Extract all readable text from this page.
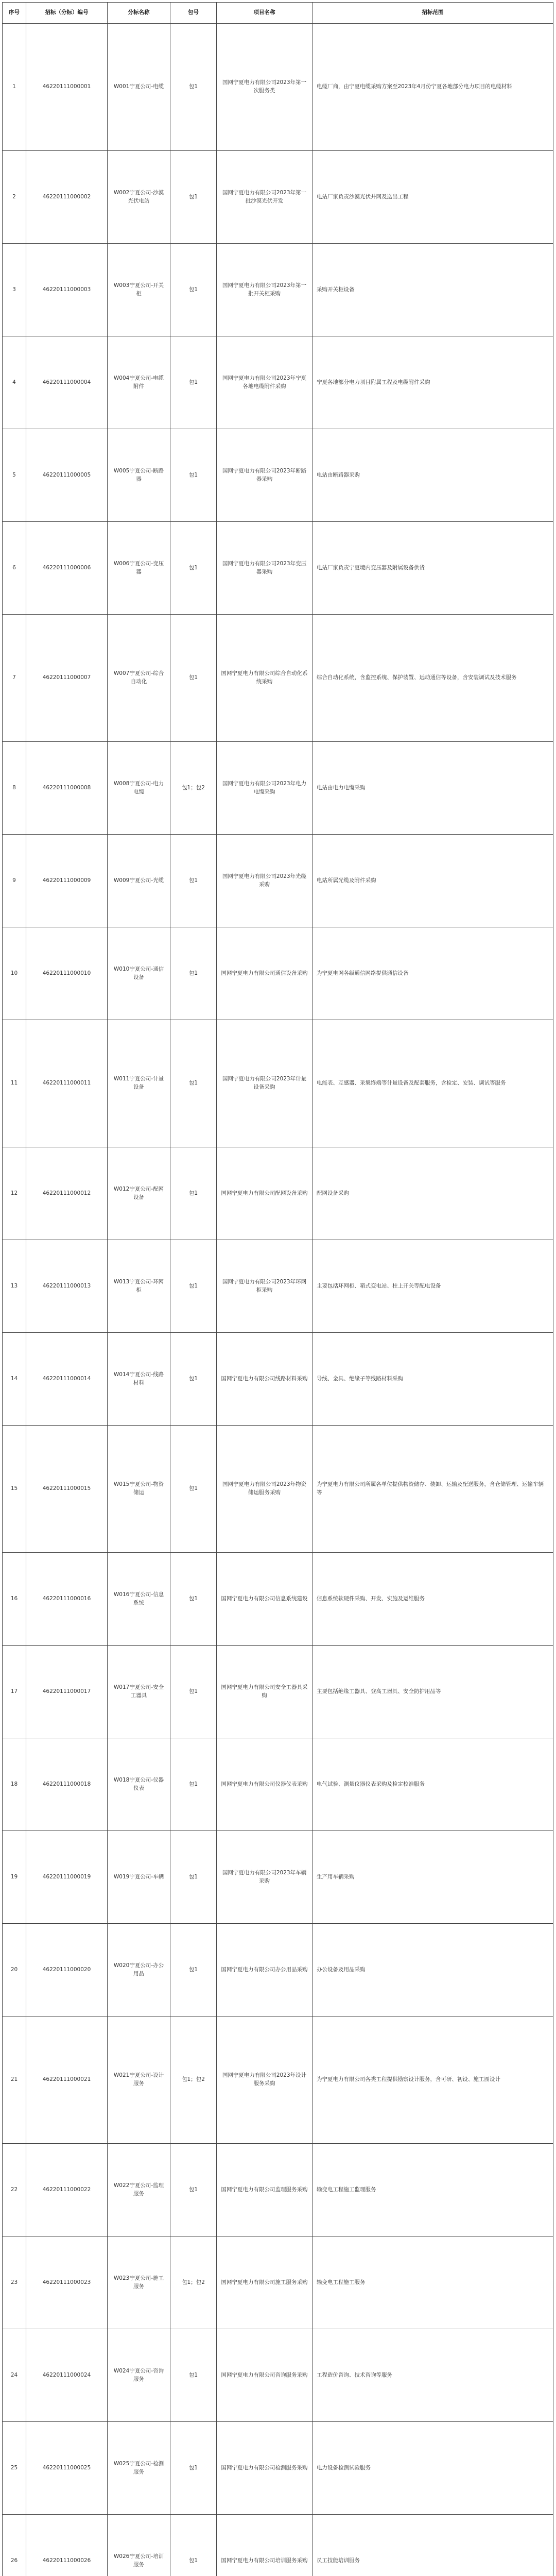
序号	招标（分标）编号	分标名称	包号	项目名称	招标范围
1	46220111000001	W001宁夏公司-电缆	包1	国网宁夏电力有限公司2023年第一次服务类	电缆厂商，由宁夏电缆采购方案至2023年4月份宁夏各地部分电力项目的电缆材料
2	46220111000002	W002宁夏公司-沙漠光伏电站	包1	国网宁夏电力有限公司2023年第一批沙漠光伏开发	电站厂家负责沙漠光伏并网及送出工程
3	46220111000003	W003宁夏公司-开关柜	包1	国网宁夏电力有限公司2023年第一批开关柜采购	采购开关柜设备
4	46220111000004	W004宁夏公司-电缆附件	包1	国网宁夏电力有限公司2023年宁夏各地电缆附件采购	宁夏各地部分电力项目附属工程及电缆附件采购
5	46220111000005	W005宁夏公司-断路器	包1	国网宁夏电力有限公司2023年断路器采购	电站由断路器采购
6	46220111000006	W006宁夏公司-变压器	包1	国网宁夏电力有限公司2023年变压器采购	电站厂家负责宁夏境内变压器及附属设备供货
7	46220111000007	W007宁夏公司-综合自动化	包1	国网宁夏电力有限公司综合自动化系统采购	综合自动化系统，含监控系统、保护装置、远动通信等设备，含安装调试及技术服务
8	46220111000008	W008宁夏公司-电力电缆	包1；包2	国网宁夏电力有限公司2023年电力电缆采购	电站由电力电缆采购
9	46220111000009	W009宁夏公司-光缆	包1	国网宁夏电力有限公司2023年光缆采购	电站所属光缆及附件采购
10	46220111000010	W010宁夏公司-通信设备	包1	国网宁夏电力有限公司通信设备采购	为宁夏电网各级通信网络提供通信设备
11	46220111000011	W011宁夏公司-计量设备	包1	国网宁夏电力有限公司2023年计量设备采购	电能表、互感器、采集终端等计量设备及配套服务，含检定、安装、调试等服务
12	46220111000012	W012宁夏公司-配网设备	包1	国网宁夏电力有限公司配网设备采购	配网设备采购
13	46220111000013	W013宁夏公司-环网柜	包1	国网宁夏电力有限公司2023年环网柜采购	主要包括环网柜、箱式变电站、柱上开关等配电设备
14	46220111000014	W014宁夏公司-线路材料	包1	国网宁夏电力有限公司线路材料采购	导线、金具、绝缘子等线路材料采购
15	46220111000015	W015宁夏公司-物资储运	包1	国网宁夏电力有限公司2023年物资储运服务采购	为宁夏电力有限公司所属各单位提供物资储存、装卸、运输及配送服务，含仓储管理、运输车辆等
16	46220111000016	W016宁夏公司-信息系统	包1	国网宁夏电力有限公司信息系统建设	信息系统软硬件采购、开发、实施及运维服务
17	46220111000017	W017宁夏公司-安全工器具	包1	国网宁夏电力有限公司安全工器具采购	主要包括绝缘工器具、登高工器具、安全防护用品等
18	46220111000018	W018宁夏公司-仪器仪表	包1	国网宁夏电力有限公司仪器仪表采购	电气试验、测量仪器仪表采购及检定校准服务
19	46220111000019	W019宁夏公司-车辆	包1	国网宁夏电力有限公司2023年车辆采购	生产用车辆采购
20	46220111000020	W020宁夏公司-办公用品	包1	国网宁夏电力有限公司办公用品采购	办公设备及用品采购
21	46220111000021	W021宁夏公司-设计服务	包1；包2	国网宁夏电力有限公司2023年设计服务采购	为宁夏电力有限公司各类工程提供勘察设计服务，含可研、初设、施工图设计
22	46220111000022	W022宁夏公司-监理服务	包1	国网宁夏电力有限公司监理服务采购	输变电工程施工监理服务
23	46220111000023	W023宁夏公司-施工服务	包1；包2	国网宁夏电力有限公司施工服务采购	输变电工程施工服务
24	46220111000024	W024宁夏公司-咨询服务	包1	国网宁夏电力有限公司咨询服务采购	工程造价咨询、技术咨询等服务
25	46220111000025	W025宁夏公司-检测服务	包1	国网宁夏电力有限公司检测服务采购	电力设备检测试验服务
26	46220111000026	W026宁夏公司-培训服务	包1	国网宁夏电力有限公司培训服务采购	员工技能培训服务
